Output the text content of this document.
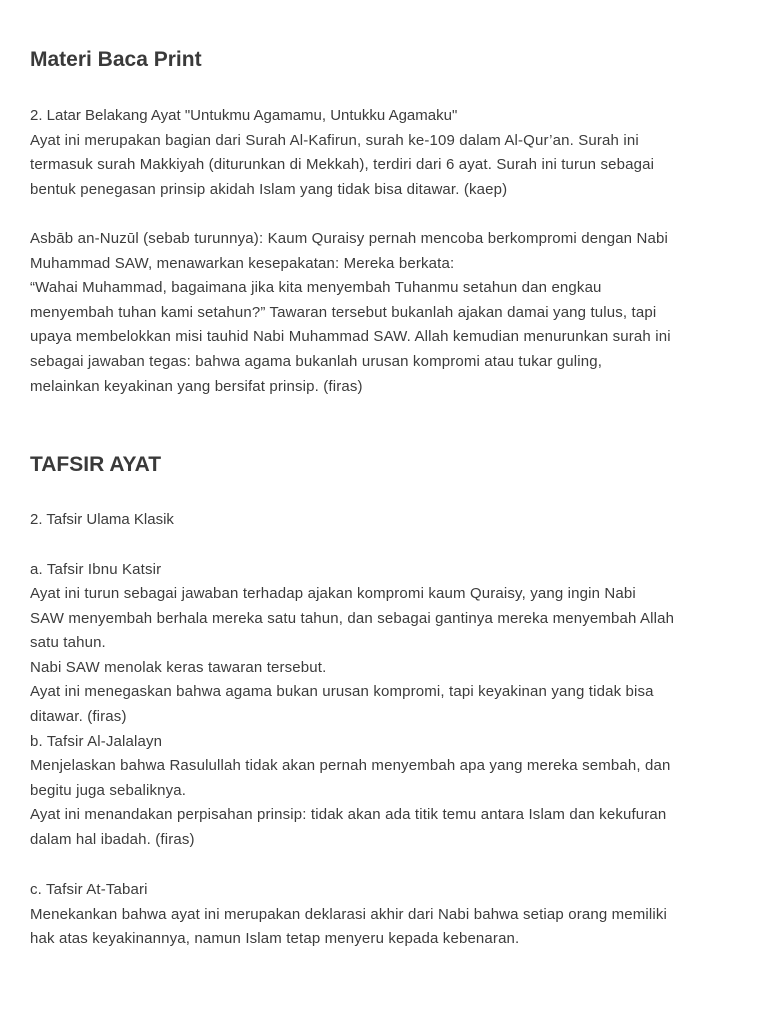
Materi Baca Print
2. Latar Belakang Ayat "Untukmu Agamamu, Untukku Agamaku"
Ayat ini merupakan bagian dari Surah Al-Kafirun, surah ke-109 dalam Al-Qur’an. Surah ini
termasuk surah Makkiyah (diturunkan di Mekkah), terdiri dari 6 ayat. Surah ini turun sebagai
bentuk penegasan prinsip akidah Islam yang tidak bisa ditawar. (kaep)
Asbāb an-Nuzūl (sebab turunnya): Kaum Quraisy pernah mencoba berkompromi dengan Nabi
Muhammad SAW, menawarkan kesepakatan: Mereka berkata:
“Wahai Muhammad, bagaimana jika kita menyembah Tuhanmu setahun dan engkau
menyembah tuhan kami setahun?” Tawaran tersebut bukanlah ajakan damai yang tulus, tapi
upaya membelokkan misi tauhid Nabi Muhammad SAW. Allah kemudian menurunkan surah ini
sebagai jawaban tegas: bahwa agama bukanlah urusan kompromi atau tukar guling,
melainkan keyakinan yang bersifat prinsip. (firas)
TAFSIR AYAT
2. Tafsir Ulama Klasik
a. Tafsir Ibnu Katsir
Ayat ini turun sebagai jawaban terhadap ajakan kompromi kaum Quraisy, yang ingin Nabi
SAW menyembah berhala mereka satu tahun, dan sebagai gantinya mereka menyembah Allah
satu tahun.
Nabi SAW menolak keras tawaran tersebut.
Ayat ini menegaskan bahwa agama bukan urusan kompromi, tapi keyakinan yang tidak bisa
ditawar. (firas)
b. Tafsir Al-Jalalayn
Menjelaskan bahwa Rasulullah tidak akan pernah menyembah apa yang mereka sembah, dan
begitu juga sebaliknya.
Ayat ini menandakan perpisahan prinsip: tidak akan ada titik temu antara Islam dan kekufuran
dalam hal ibadah. (firas)
c. Tafsir At-Tabari
Menekankan bahwa ayat ini merupakan deklarasi akhir dari Nabi bahwa setiap orang memiliki
hak atas keyakinannya, namun Islam tetap menyeru kepada kebenaran.
